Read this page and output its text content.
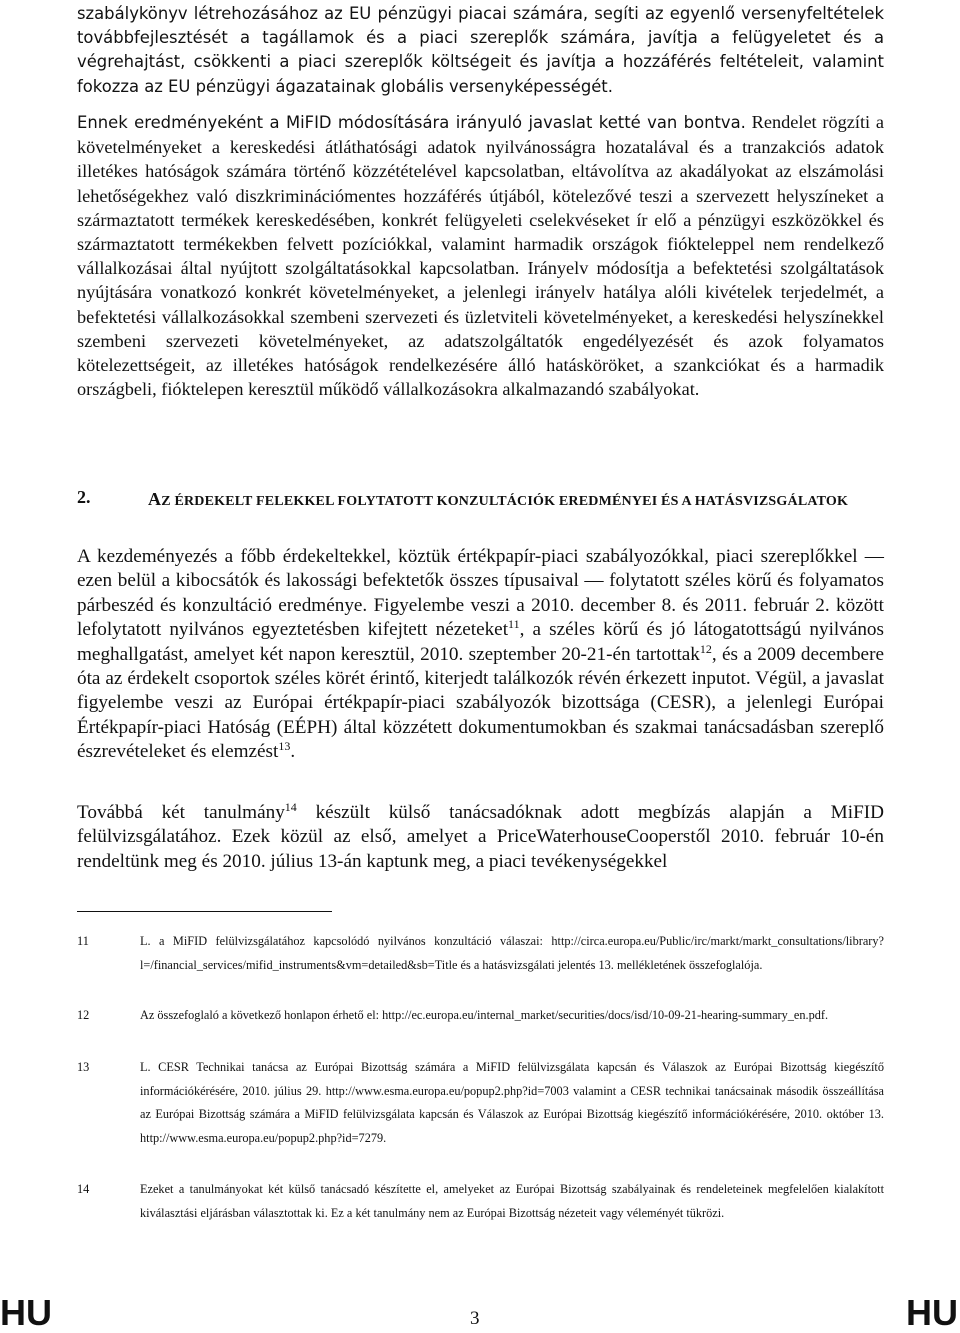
szabálykönyv létrehozásához az EU pénzügyi piacai számára, segíti az egyenlő versenyfeltételek továbbfejlesztését a tagállamok és a piaci szereplők számára, javítja a felügyeletet és a végrehajtást, csökkenti a piaci szereplők költségeit és javítja a hozzáférés feltételeit, valamint fokozza az EU pénzügyi ágazatainak globális versenyképességét.

Ennek eredményeként a MiFID módosítására irányuló javaslat ketté van bontva. Rendelet rögzíti a követelményeket a kereskedési átláthatósági adatok nyilvánosságra hozatalával és a tranzakciós adatok illetékes hatóságok számára történő közzétételével kapcsolatban, eltávolítva az akadályokat az elszámolási lehetőségekhez való diszkriminációmentes hozzáférés útjából, kötelezővé teszi a szervezett helyszíneket a származtatott termékek kereskedésében, konkrét felügyeleti cselekvéseket ír elő a pénzügyi eszközökkel és származtatott termékekben felvett pozíciókkal, valamint harmadik országok fiókteleppel nem rendelkező vállalkozásai által nyújtott szolgáltatásokkal kapcsolatban. Irányelv módosítja a befektetési szolgáltatások nyújtására vonatkozó konkrét követelményeket, a jelenlegi irányelv hatálya alóli kivételek terjedelmét, a befektetési vállalkozásokkal szembeni szervezeti és üzletviteli követelményeket, a kereskedési helyszínekkel szembeni szervezeti követelményeket, az adatszolgáltatók engedélyezését és azok folyamatos kötelezettségeit, az illetékes hatóságok rendelkezésére álló hatásköröket, a szankciókat és a harmadik országbeli, fióktelepen keresztül működő vállalkozásokra alkalmazandó szabályokat.

2.	AZ ÉRDEKELT FELEKKEL FOLYTATOTT KONZULTÁCIÓK EREDMÉNYEI ÉS A HATÁSVIZSGÁLATOK

A kezdeményezés a főbb érdekeltekkel, köztük értékpapír-piaci szabályozókkal, piaci szereplőkkel — ezen belül a kibocsátók és lakossági befektetők összes típusaival — folytatott széles körű és folyamatos párbeszéd és konzultáció eredménye. Figyelembe veszi a 2010. december 8. és 2011. február 2. között lefolytatott nyilvános egyeztetésben kifejtett nézeteket$^{11}$, a széles körű és jó látogatottságú nyilvános meghallgatást, amelyet két napon keresztül, 2010. szeptember 20-21-én tartottak$^{12}$, és a 2009 decembere óta az érdekelt csoportok széles körét érintő, kiterjedt találkozók révén érkezett inputot. Végül, a javaslat figyelembe veszi az Európai értékpapír-piaci szabályozók bizottsága (CESR), a jelenlegi Európai Értékpapír-piaci Hatóság (EÉPH) által közzétett dokumentumokban és szakmai tanácsadásban szereplő észrevételeket és elemzést$^{13}$.

Továbbá két tanulmány$^{14}$ készült külső tanácsadóknak adott megbízás alapján a MiFID felülvizsgálatához. Ezek közül az első, amelyet a PriceWaterhouseCooperstől 2010. február 10-én rendeltünk meg és 2010. július 13-án kaptunk meg, a piaci tevékenységekkel

11	L. a MiFID felülvizsgálatához kapcsolódó nyilvános konzultáció válaszai: http://circa.europa.eu/Public/irc/markt/markt_consultations/library?l=/financial_services/mifid_instruments&vm=detailed&sb=Title és a hatásvizsgálati jelentés 13. mellékletének összefoglalója.
12	Az összefoglaló a következő honlapon érhető el: http://ec.europa.eu/internal_market/securities/docs/isd/10-09-21-hearing-summary_en.pdf.
13	L. CESR Technikai tanácsa az Európai Bizottság számára a MiFID felülvizsgálata kapcsán és Válaszok az Európai Bizottság kiegészítő információkérésére, 2010. július 29. http://www.esma.europa.eu/popup2.php?id=7003 valamint a CESR technikai tanácsainak második összeállítása az Európai Bizottság számára a MiFID felülvizsgálata kapcsán és Válaszok az Európai Bizottság kiegészítő információkérésére, 2010. október 13. http://www.esma.europa.eu/popup2.php?id=7279.
14	Ezeket a tanulmányokat két külső tanácsadó készítette el, amelyeket az Európai Bizottság szabályainak és rendeleteinek megfelelően kialakított kiválasztási eljárásban választottak ki. Ez a két tanulmány nem az Európai Bizottság nézeteit vagy véleményét tükrözi.
HU	3	HU
